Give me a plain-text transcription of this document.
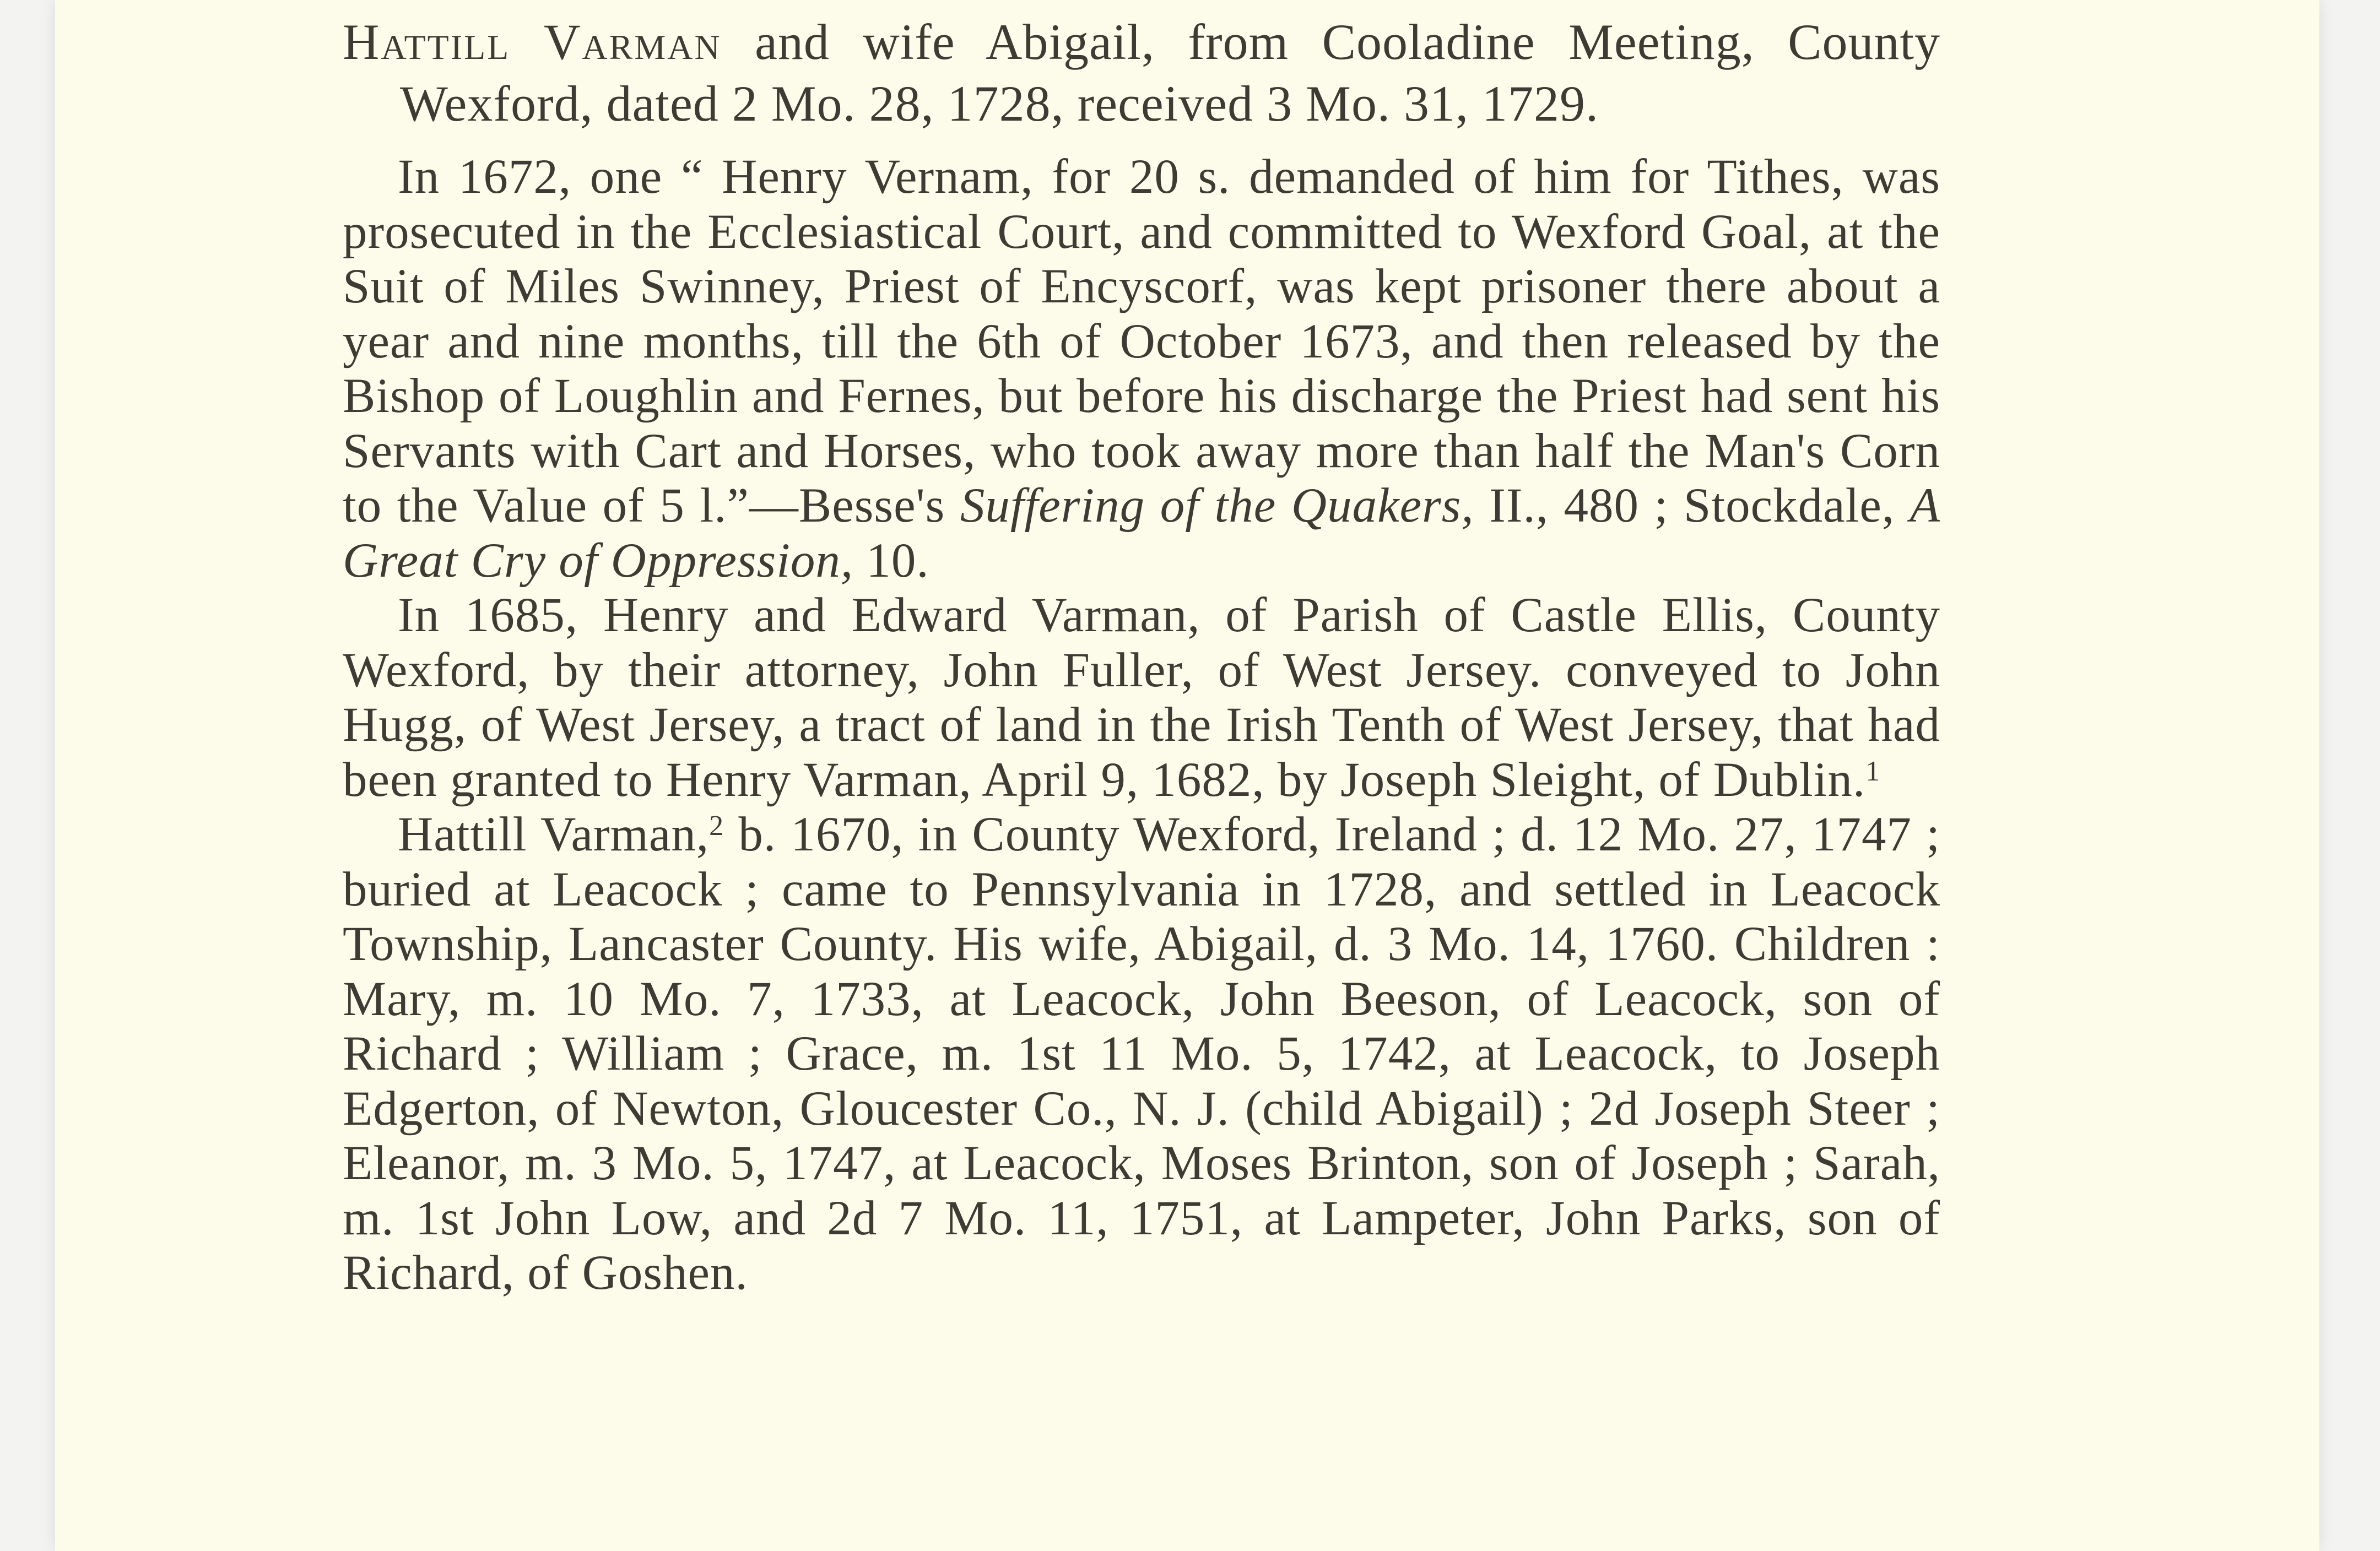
Hattill Varman and wife Abigail, from Cooladine Meeting, County Wexford, dated 2 Mo. 28, 1728, received 3 Mo. 31, 1729.

In 1672, one “ Henry Vernam, for 20 s. demanded of him for Tithes, was prosecuted in the Ecclesiastical Court, and committed to Wexford Goal, at the Suit of Miles Swinney, Priest of Encyscorf, was kept prisoner there about a year and nine months, till the 6th of October 1673, and then released by the Bishop of Loughlin and Fernes, but before his discharge the Priest had sent his Servants with Cart and Horses, who took away more than half the Man's Corn to the Value of 5 l.”—Besse's Suffering of the Quakers, II., 480 ; Stockdale, A Great Cry of Oppression, 10.

In 1685, Henry and Edward Varman, of Parish of Castle Ellis, County Wexford, by their attorney, John Fuller, of West Jersey. conveyed to John Hugg, of West Jersey, a tract of land in the Irish Tenth of West Jersey, that had been granted to Henry Varman, April 9, 1682, by Joseph Sleight, of Dublin.$^1$

Hattill Varman,$^2$ b. 1670, in County Wexford, Ireland ; d. 12 Mo. 27, 1747 ; buried at Leacock ; came to Pennsylvania in 1728, and settled in Leacock Township, Lancaster County. His wife, Abigail, d. 3 Mo. 14, 1760. Children : Mary, m. 10 Mo. 7, 1733, at Leacock, John Beeson, of Leacock, son of Richard ; William ; Grace, m. 1st 11 Mo. 5, 1742, at Leacock, to Joseph Edgerton, of Newton, Gloucester Co., N. J. (child Abigail) ; 2d Joseph Steer ; Eleanor, m. 3 Mo. 5, 1747, at Leacock, Moses Brinton, son of Joseph ; Sarah, m. 1st John Low, and 2d 7 Mo. 11, 1751, at Lampeter, John Parks, son of Richard, of Goshen.
